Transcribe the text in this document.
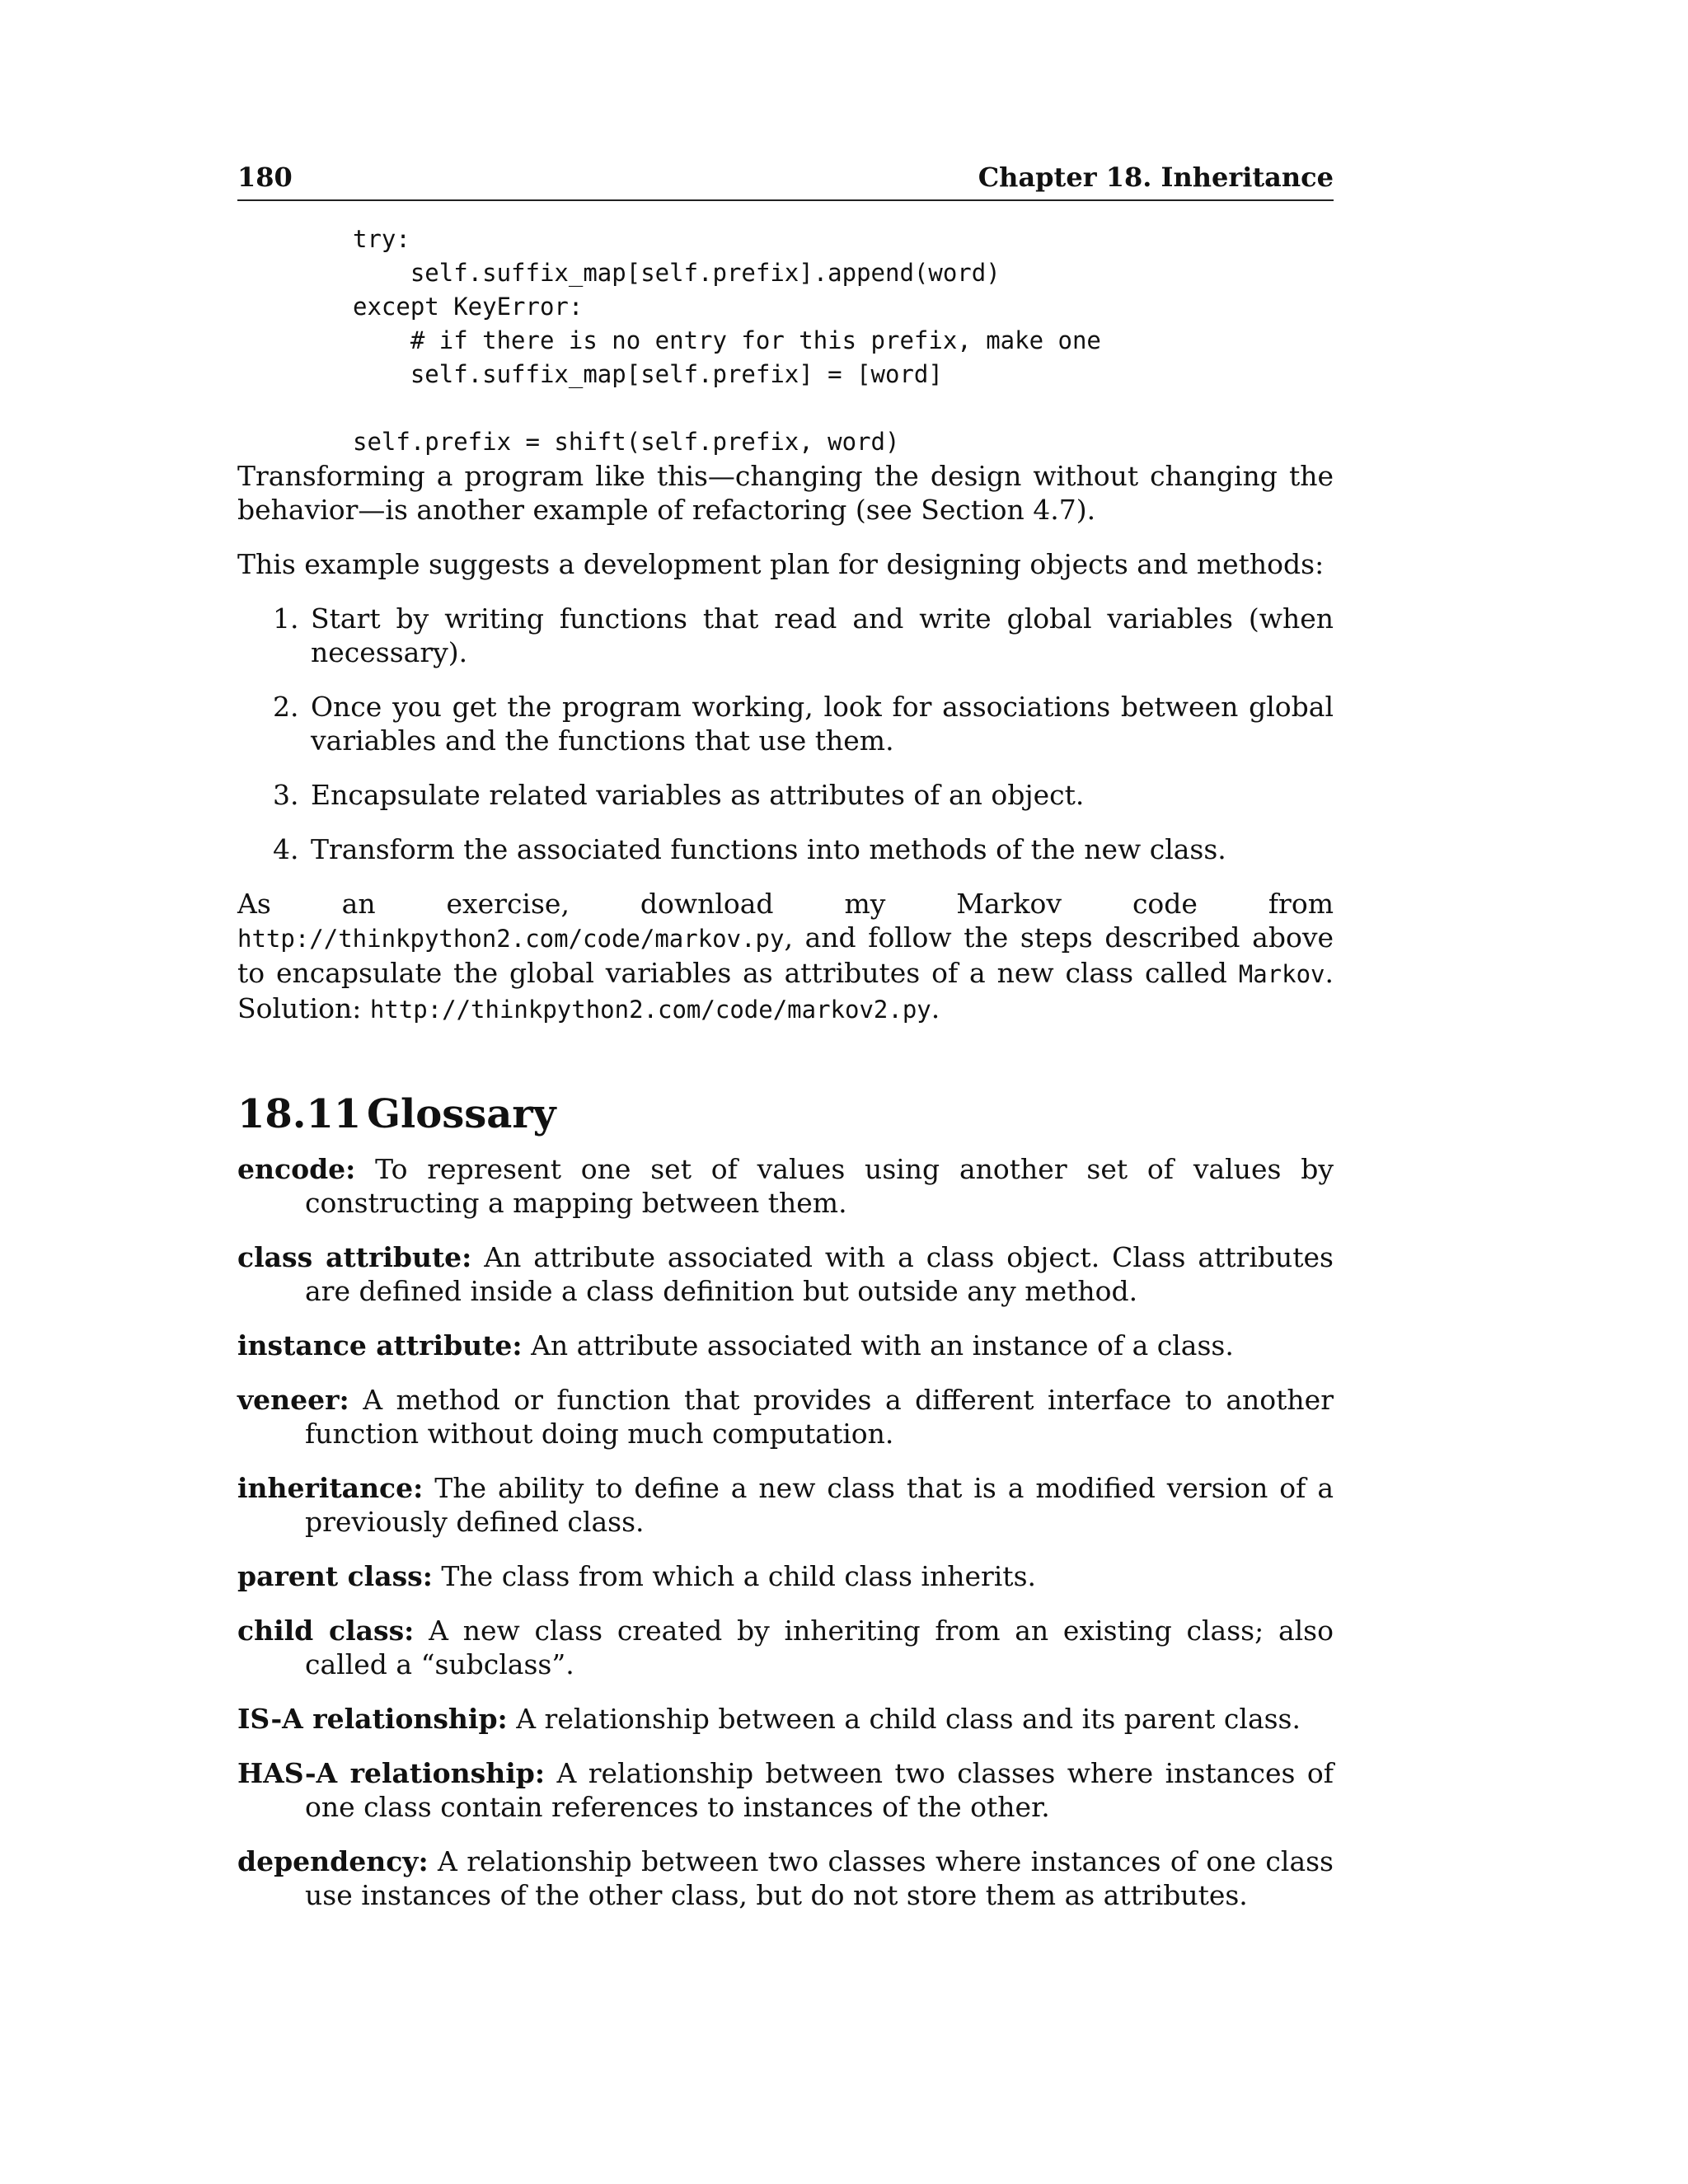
180	Chapter 18. Inheritance
try:
self.suffix_map[self.prefix].append(word)
except KeyError:
# if there is no entry for this prefix, make one
self.suffix_map[self.prefix] = [word]

self.prefix = shift(self.prefix, word)

Transforming a program like this—changing the design without changing the behavior—is another example of refactoring (see Section 4.7).

This example suggests a development plan for designing objects and methods:

1. Start by writing functions that read and write global variables (when necessary).
2. Once you get the program working, look for associations between global variables and the functions that use them.
3. Encapsulate related variables as attributes of an object.
4. Transform the associated functions into methods of the new class.

As an exercise, download my Markov code from http://thinkpython2.com/code/markov.py, and follow the steps described above to encapsulate the global variables as attributes of a new class called Markov. Solution: http://thinkpython2.com/code/markov2.py.

18.11 Glossary
encode: To represent one set of values using another set of values by constructing a mapping between them.
class attribute: An attribute associated with a class object. Class attributes are defined inside a class definition but outside any method.
instance attribute: An attribute associated with an instance of a class.
veneer: A method or function that provides a different interface to another function without doing much computation.
inheritance: The ability to define a new class that is a modified version of a previously defined class.
parent class: The class from which a child class inherits.
child class: A new class created by inheriting from an existing class; also called a “subclass”.
IS-A relationship: A relationship between a child class and its parent class.
HAS-A relationship: A relationship between two classes where instances of one class contain references to instances of the other.
dependency: A relationship between two classes where instances of one class use instances of the other class, but do not store them as attributes.
